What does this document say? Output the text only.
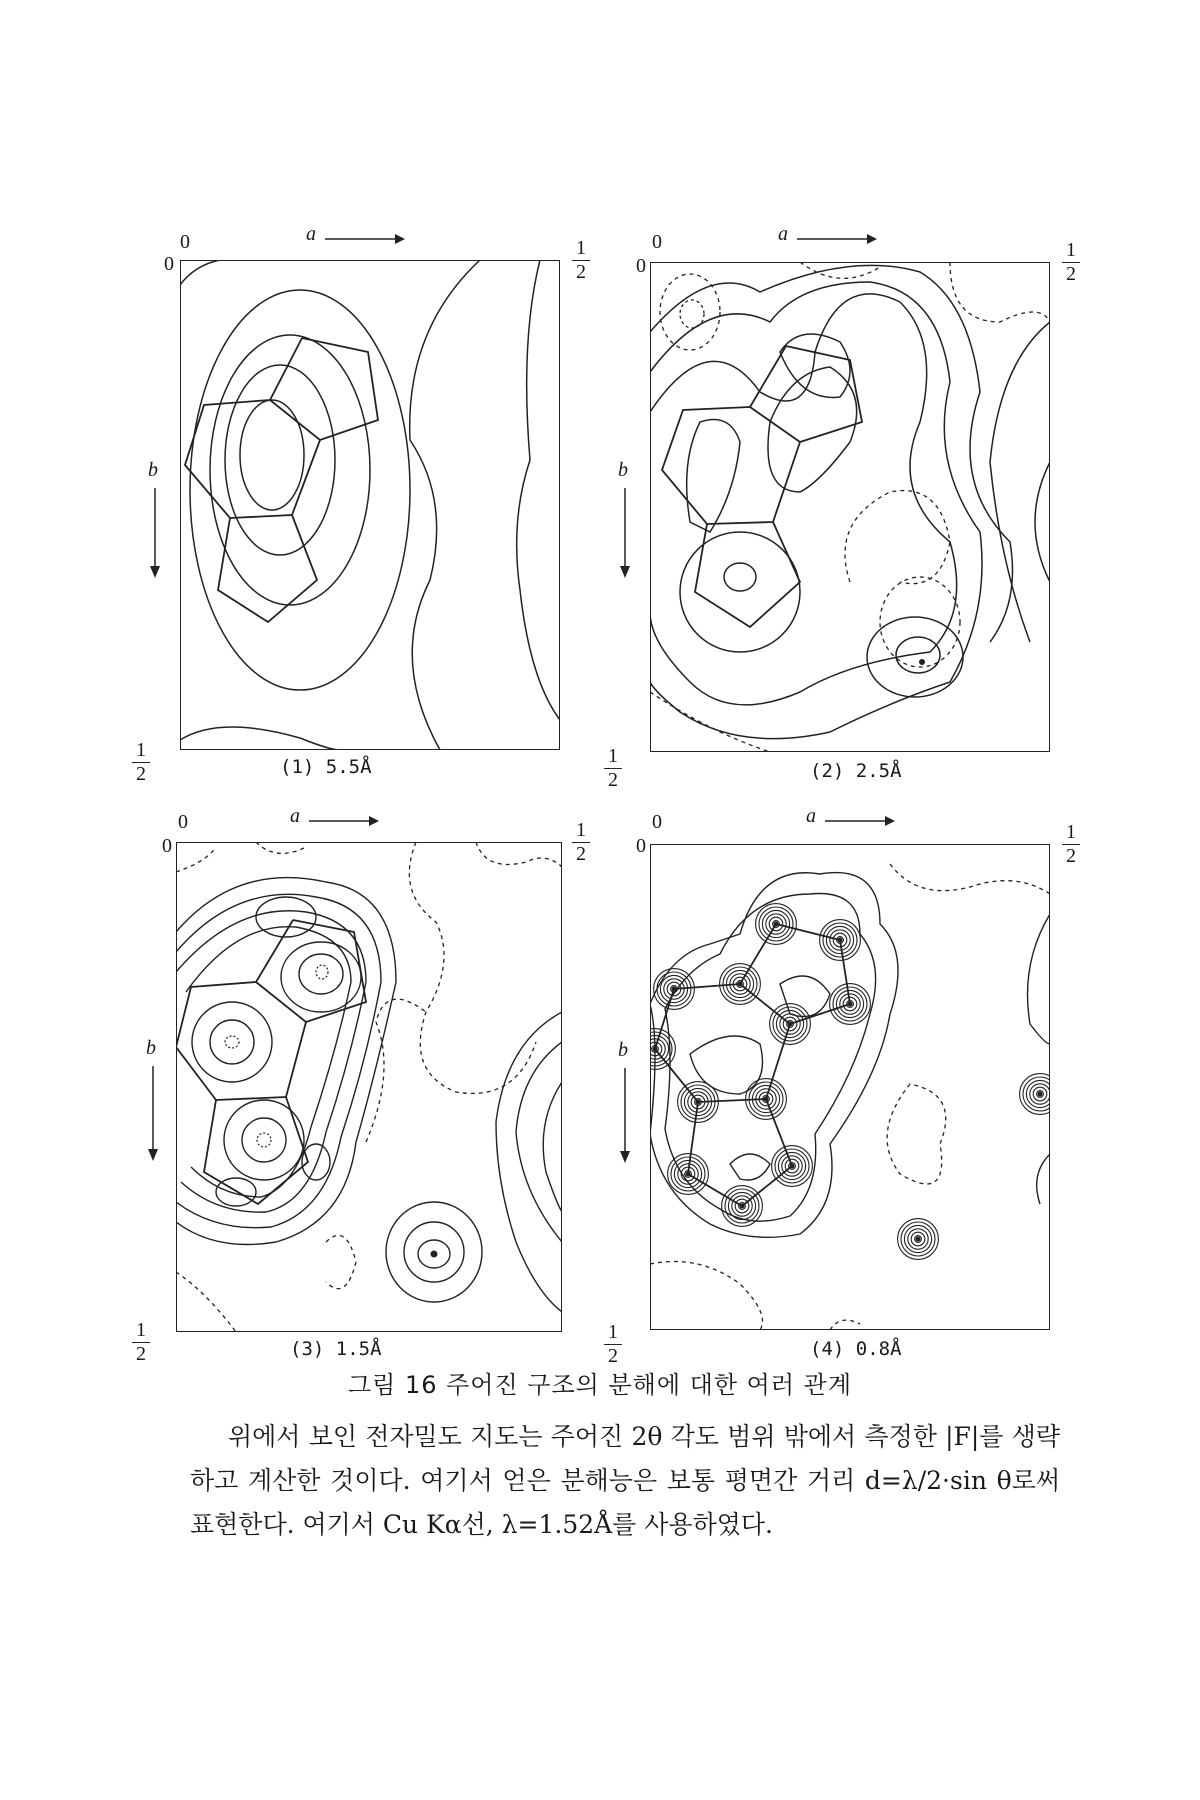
0
0
a
b
1
2
1
2	(1) 5.5Å
0
0
a
b
1
2
1
2	(2) 2.5Å
0
0
a
b
1
2
1
2	(3) 1.5Å
0
0
a
b
1
2
1
2	(4) 0.8Å
그림 16 주어진 구조의 분해에 대한 여러 관계

위에서 보인 전자밀도 지도는 주어진 2θ 각도 범위 밖에서 측정한 |F|를 생략하고 계산한 것이다. 여기서 얻은 분해능은 보통 평면간 거리 d=λ/2·sin θ로써 표현한다. 여기서 Cu Kα선, λ=1.52Å를 사용하였다.
